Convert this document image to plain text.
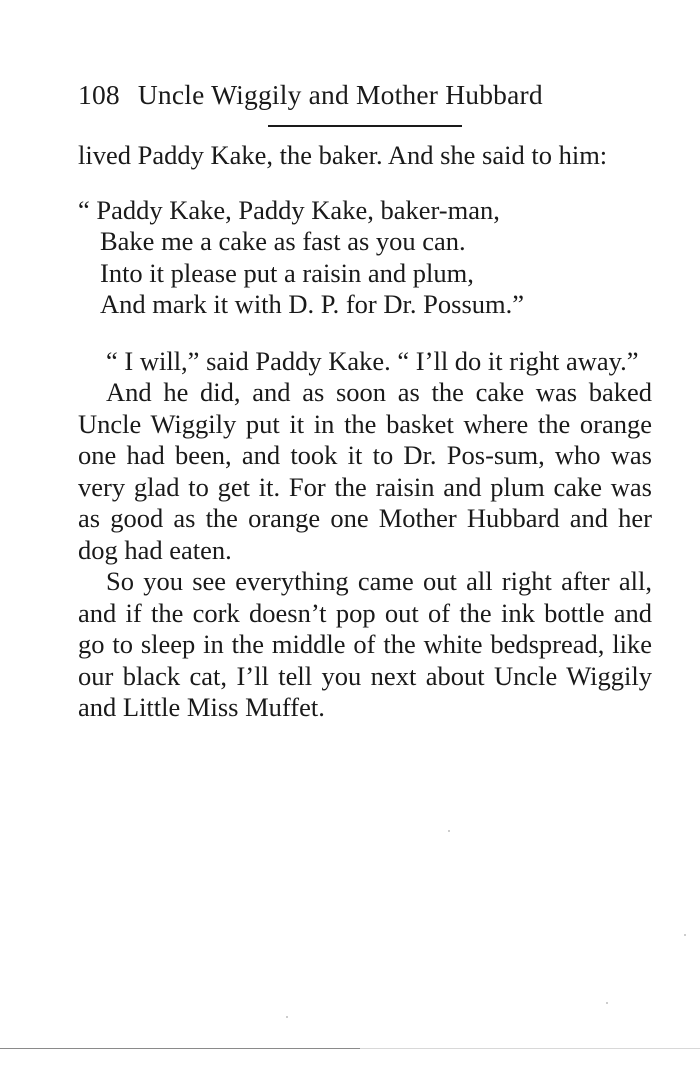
108 Uncle Wiggily and Mother Hubbard

lived Paddy Kake, the baker. And she said to him:

“ Paddy Kake, Paddy Kake, baker-man,
Bake me a cake as fast as you can.
Into it please put a raisin and plum,
And mark it with D. P. for Dr. Possum.”

“ I will,” said Paddy Kake. “ I’ll do it right away.”

And he did, and as soon as the cake was baked Uncle Wiggily put it in the basket where the orange one had been, and took it to Dr. Pos-sum, who was very glad to get it. For the raisin and plum cake was as good as the orange one Mother Hubbard and her dog had eaten.

So you see everything came out all right after all, and if the cork doesn’t pop out of the ink bottle and go to sleep in the middle of the white bedspread, like our black cat, I’ll tell you next about Uncle Wiggily and Little Miss Muffet.
